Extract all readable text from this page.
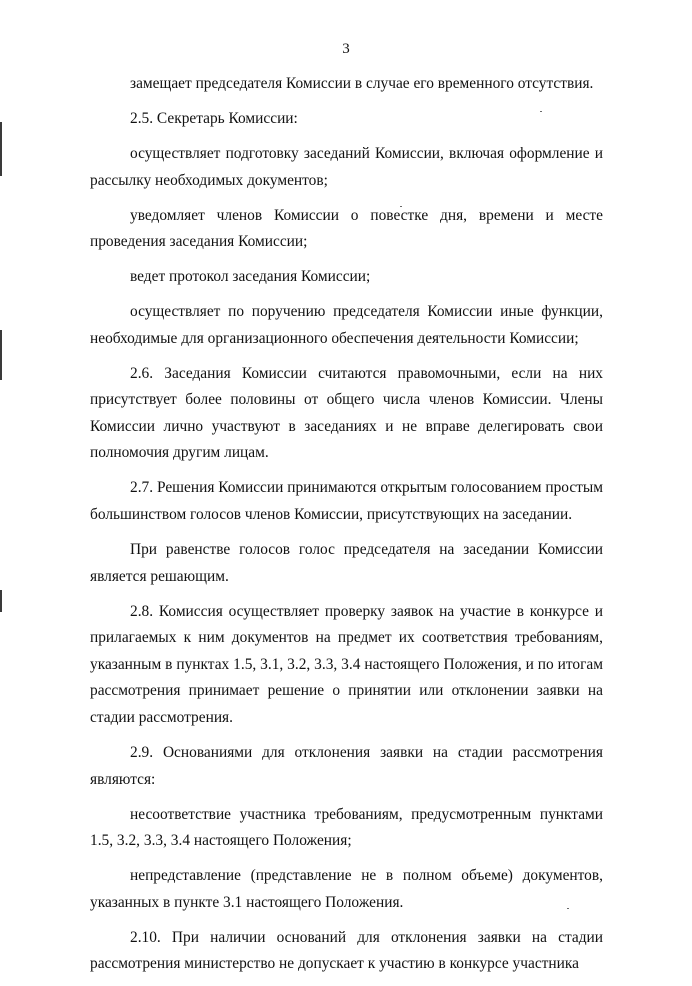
3

замещает председателя Комиссии в случае его временного отсутствия.

2.5. Секретарь Комиссии:

осуществляет подготовку заседаний Комиссии, включая оформление и рассылку необходимых документов;

уведомляет членов Комиссии о повестке дня, времени и месте проведения заседания Комиссии;

ведет протокол заседания Комиссии;

осуществляет по поручению председателя Комиссии иные функции, необходимые для организационного обеспечения деятельности Комиссии;

2.6. Заседания Комиссии считаются правомочными, если на них присутствует более половины от общего числа членов Комиссии. Члены Комиссии лично участвуют в заседаниях и не вправе делегировать свои полномочия другим лицам.

2.7. Решения Комиссии принимаются открытым голосованием простым большинством голосов членов Комиссии, присутствующих на заседании.

При равенстве голосов голос председателя на заседании Комиссии является решающим.

2.8. Комиссия осуществляет проверку заявок на участие в конкурсе и прилагаемых к ним документов на предмет их соответствия требованиям, указанным в пунктах 1.5, 3.1, 3.2, 3.3, 3.4 настоящего Положения, и по итогам рассмотрения принимает решение о принятии или отклонении заявки на стадии рассмотрения.

2.9. Основаниями для отклонения заявки на стадии рассмотрения являются:

несоответствие участника требованиям, предусмотренным пунктами 1.5, 3.2, 3.3, 3.4 настоящего Положения;

непредставление (представление не в полном объеме) документов, указанных в пункте 3.1 настоящего Положения.

2.10. При наличии оснований для отклонения заявки на стадии рассмотрения министерство не допускает к участию в конкурсе участника
